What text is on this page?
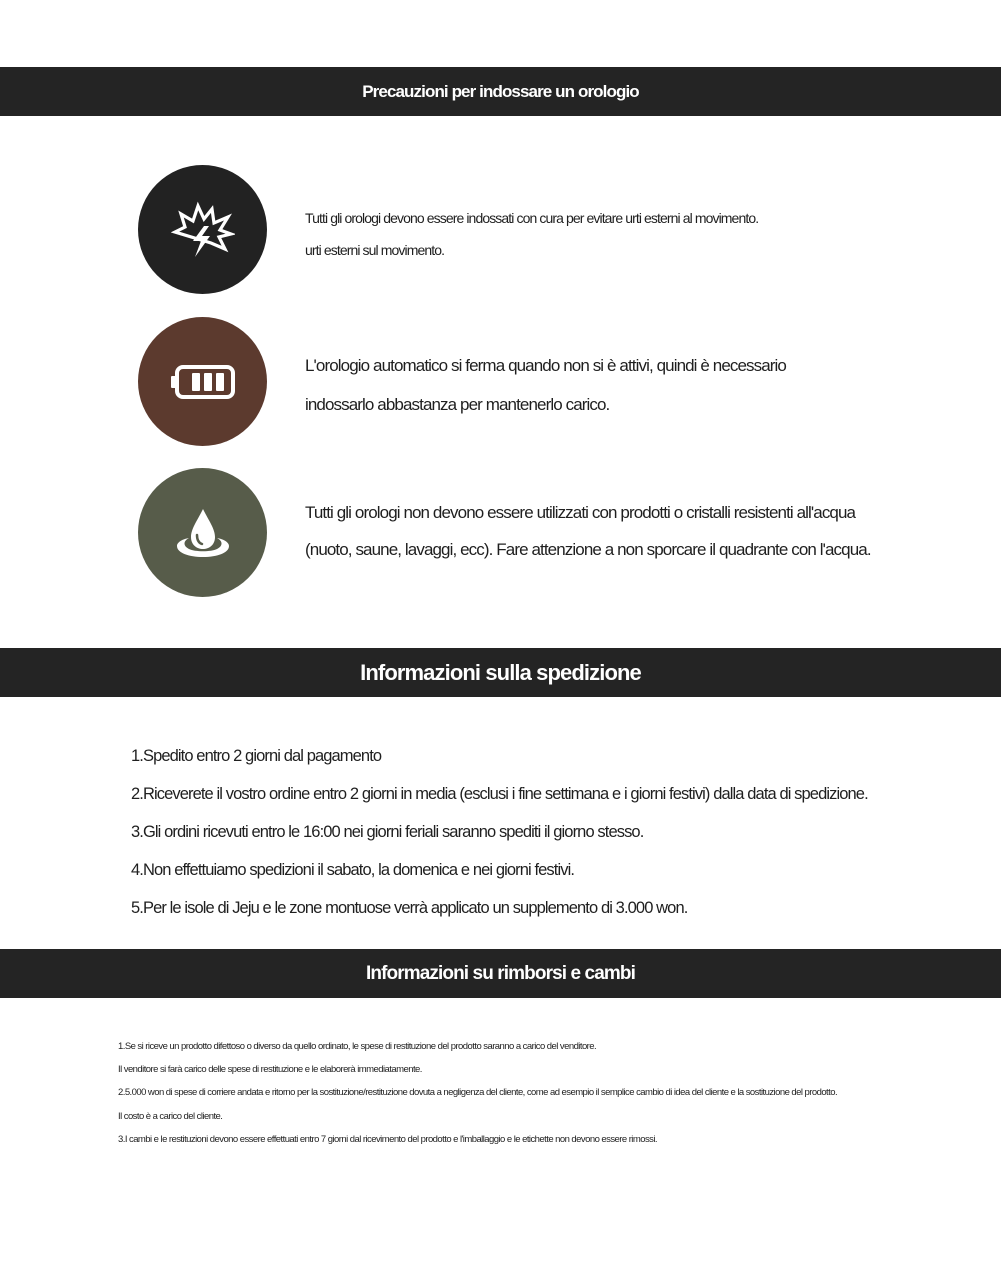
Precauzioni per indossare un orologio

Tutti gli orologi devono essere indossati con cura per evitare urti esterni al movimento.

urti esterni sul movimento.

L'orologio automatico si ferma quando non si è attivi, quindi è necessario

indossarlo abbastanza per mantenerlo carico.

Tutti gli orologi non devono essere utilizzati con prodotti o cristalli resistenti all'acqua

(nuoto, saune, lavaggi, ecc). Fare attenzione a non sporcare il quadrante con l'acqua.

Informazioni sulla spedizione

1.Spedito entro 2 giorni dal pagamento

2.Riceverete il vostro ordine entro 2 giorni in media (esclusi i fine settimana e i giorni festivi) dalla data di spedizione.

3.Gli ordini ricevuti entro le 16:00 nei giorni feriali saranno spediti il giorno stesso.

4.Non effettuiamo spedizioni il sabato, la domenica e nei giorni festivi.

5.Per le isole di Jeju e le zone montuose verrà applicato un supplemento di 3.000 won.

Informazioni su rimborsi e cambi

1.Se si riceve un prodotto difettoso o diverso da quello ordinato, le spese di restituzione del prodotto saranno a carico del venditore.

Il venditore si farà carico delle spese di restituzione e le elaborerà immediatamente.

2.5.000 won di spese di corriere andata e ritorno per la sostituzione/restituzione dovuta a negligenza del cliente, come ad esempio il semplice cambio di idea del cliente e la sostituzione del prodotto.

Il costo è a carico del cliente.

3.I cambi e le restituzioni devono essere effettuati entro 7 giorni dal ricevimento del prodotto e l'imballaggio e le etichette non devono essere rimossi.
